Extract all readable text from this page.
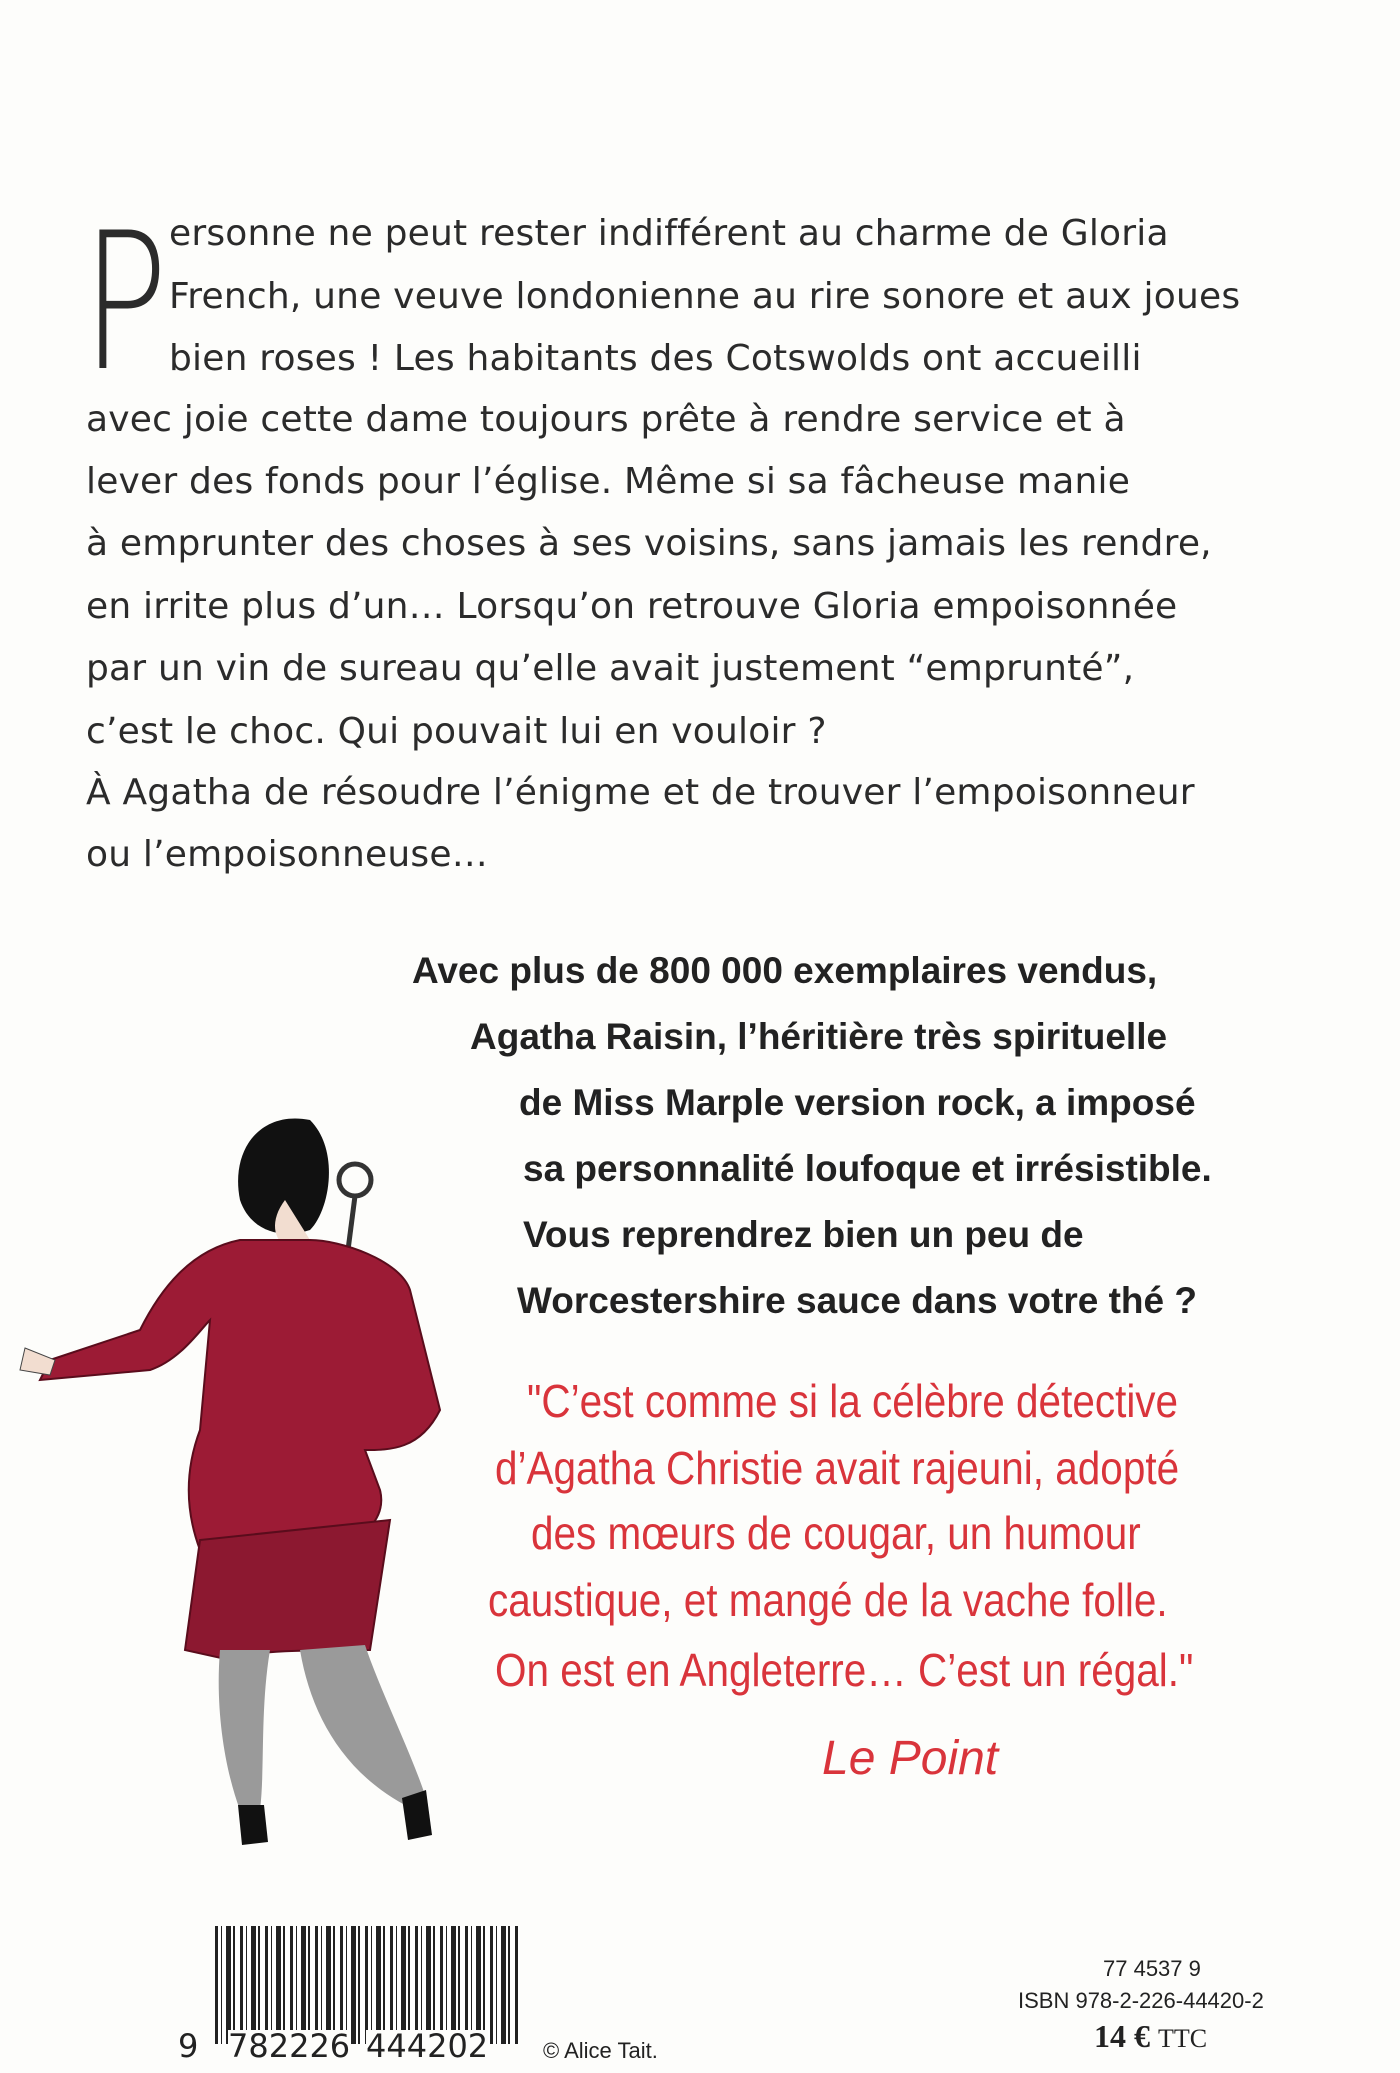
P ersonne ne peut rester indifférent au charme de Gloria
French, une veuve londonienne au rire sonore et aux joues
bien roses ! Les habitants des Cotswolds ont accueilli
avec joie cette dame toujours prête à rendre service et à
lever des fonds pour l’église. Même si sa fâcheuse manie
à emprunter des choses à ses voisins, sans jamais les rendre,
en irrite plus d’un… Lorsqu’on retrouve Gloria empoisonnée
par un vin de sureau qu’elle avait justement “emprunté”,
c’est le choc. Qui pouvait lui en vouloir ?
À Agatha de résoudre l’énigme et de trouver l’empoisonneur
ou l’empoisonneuse…
Avec plus de 800 000 exemplaires vendus,
Agatha Raisin, l’héritière très spirituelle
de Miss Marple version rock, a imposé
sa personnalité loufoque et irrésistible.
Vous reprendrez bien un peu de
Worcestershire sauce dans votre thé ?
"C’est comme si la célèbre détective
d’Agatha Christie avait rajeuni, adopté
des mœurs de cougar, un humour
caustique, et mangé de la vache folle.
On est en Angleterre… C’est un régal."
Le Point
9 782226 444202 © Alice Tait.
77 4537 9
ISBN 978-2-226-44420-2
14 € TTC
